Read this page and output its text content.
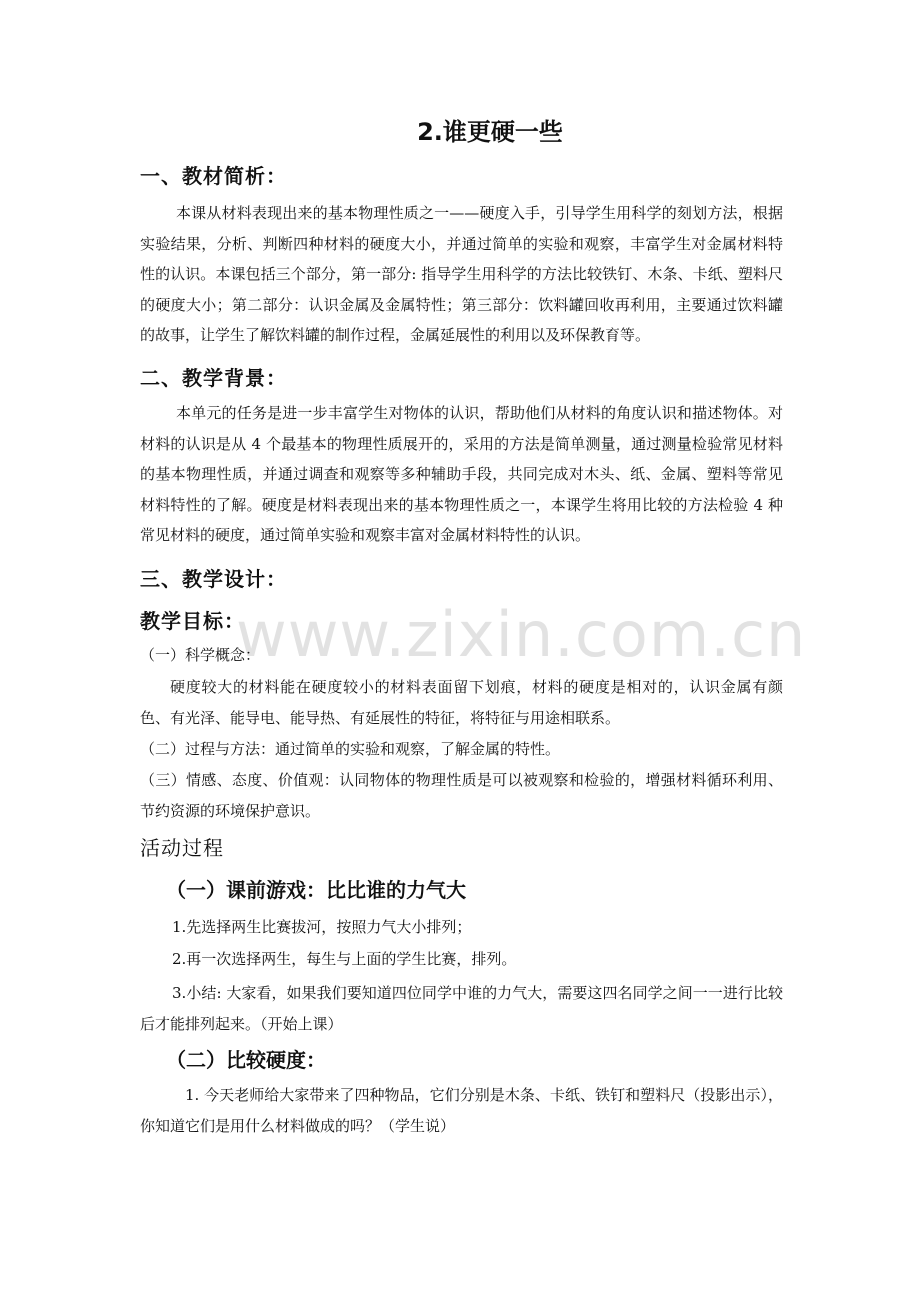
www.zixin.com.cn
2.谁更硬一些
一、教材简析：
本课从材料表现出来的基本物理性质之一——硬度入手，引导学生用科学的刻划方法，根据实验结果，分析、判断四种材料的硬度大小，并通过简单的实验和观察，丰富学生对金属材料特性的认识。本课包括三个部分，第一部分: 指导学生用科学的方法比较铁钉、木条、卡纸、塑料尺的硬度大小；第二部分：认识金属及金属特性；第三部分：饮料罐回收再利用，主要通过饮料罐的故事，让学生了解饮料罐的制作过程，金属延展性的利用以及环保教育等。
二、教学背景：
本单元的任务是进一步丰富学生对物体的认识，帮助他们从材料的角度认识和描述物体。对材料的认识是从 4 个最基本的物理性质展开的，采用的方法是简单测量，通过测量检验常见材料的基本物理性质，并通过调查和观察等多种辅助手段，共同完成对木头、纸、金属、塑料等常见材料特性的了解。硬度是材料表现出来的基本物理性质之一，本课学生将用比较的方法检验 4 种常见材料的硬度，通过简单实验和观察丰富对金属材料特性的认识。
三、教学设计：
教学目标：
（一）科学概念：
硬度较大的材料能在硬度较小的材料表面留下划痕，材料的硬度是相对的，认识金属有颜色、有光泽、能导电、能导热、有延展性的特征，将特征与用途相联系。
（二）过程与方法：通过简单的实验和观察，了解金属的特性。
（三）情感、态度、价值观：认同物体的物理性质是可以被观察和检验的，增强材料循环利用、节约资源的环境保护意识。
活动过程
（一）课前游戏：比比谁的力气大
1.先选择两生比赛拔河，按照力气大小排列；
2.再一次选择两生，每生与上面的学生比赛，排列。
3.小结: 大家看，如果我们要知道四位同学中谁的力气大，需要这四名同学之间一一进行比较后才能排列起来。（开始上课）
（二）比较硬度：
1. 今天老师给大家带来了四种物品，它们分别是木条、卡纸、铁钉和塑料尺（投影出示），你知道它们是用什么材料做成的吗？（学生说）
